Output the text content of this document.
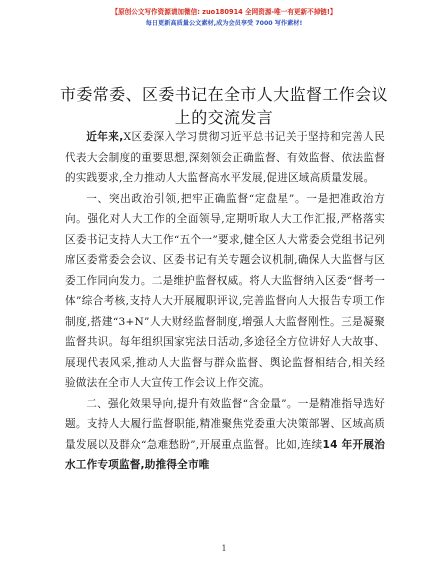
【原创公文写作资源请加微信: zuo180914 全网资源-唯一有更新不掉链!】
每日更新高质量公文素材,成为会员享受 7000 写作素材!
市委常委、区委书记在全市人大监督工作会议
上的交流发言

近年来,X区委深入学习贯彻习近平总书记关于坚持和完善人民代表大会制度的重要思想,深刻领会正确监督、有效监督、依法监督的实践要求,全力推动人大监督高水平发展,促进区域高质量发展。

一、突出政治引领,把牢正确监督“定盘星”。一是把准政治方向。强化对人大工作的全面领导,定期听取人大工作汇报,严格落实区委书记支持人大工作“五个一”要求,健全区人大常委会党组书记列席区委常委会会议、区委书记有关专题会议机制,确保人大监督与区委工作同向发力。二是维护监督权威。将人大监督纳入区委“督考一体”综合考核,支持人大开展履职评议,完善监督向人大报告专项工作制度,搭建“3+N”人大财经监督制度,增强人大监督刚性。三是凝聚监督共识。每年组织国家宪法日活动,多途径全方位讲好人大故事、展现代表风采,推动人大监督与群众监督、舆论监督相结合,相关经验做法在全市人大宣传工作会议上作交流。

二、强化效果导向,提升有效监督“含金量”。一是精准指导选好题。支持人大履行监督职能,精准聚焦党委重大决策部署、区域高质量发展以及群众“急难愁盼”,开展重点监督。比如,连续14 年开展治水工作专项监督,助推得全市唯

1
